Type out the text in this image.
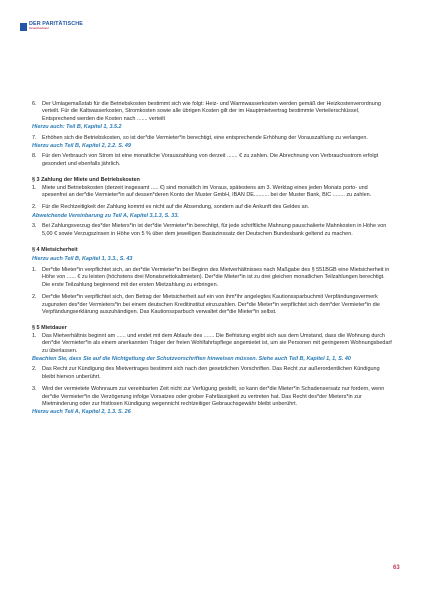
DER PARITÄTISCHE
Gesamtverband
6.	Der Umlagemaßstab für die Betriebskosten bestimmt sich wie folgt: Heiz- und Warmwasserkosten werden gemäß der Heizkostenverordnung verteilt. Für die Kaltwasserkosten, Stromkosten sowie alle übrigen Kosten gilt der im Hauptmietvertrag bestimmte Verteilerschlüssel, Entsprechend werden die Kosten nach ....... verteilt
Hierzu auch: Teil B, Kapitel 1, 3.5.2
7.	Erhöhen sich die Betriebskosten, so ist der*die Vermieter*in berechtigt, eine entsprechende Erhöhung der Vorauszahlung zu verlangen.
Hierzu auch Teil B, Kapitel 2, 2.2. S. 49
8.	Für den Verbrauch von Strom ist eine monatliche Vorauszahlung von derzeit ....... € zu zahlen. Die Abrechnung von Verbrauchsstrom erfolgt gesondert und ebenfalls jährlich.
§ 3 Zahlung der Miete und Betriebskosten
1.	Miete und Betriebskosten (derzeit insgesamt ..... €) sind monatlich im Voraus, spätestens am 3. Werktag eines jeden Monats porto- und spesenfrei an der*die Vermieter*in auf dessen*deren Konto der Muster GmbH, IBAN DE.......... bei der Muster Bank, BIC ........ zu zahlen.
2.	Für die Rechtzeitigkeit der Zahlung kommt es nicht auf die Absendung, sondern auf die Ankunft des Geldes an.
Abweichende Vereinbarung zu Teil A, Kapitel 3,1.3, S. 33.
3.	Bei Zahlungsverzug des*der Mieters*in ist der*die Vermieter*in berechtigt, für jede schriftliche Mahnung pauschalierte Mahnkosten in Höhe von 5,00 € sowie Verzugszinsen in Höhe von 5 % über dem jeweiligen Basiszinssatz der Deutschen Bundesbank geltend zu machen.
§ 4 Mietsicherheit
Hierzu auch Teil B, Kapitel 1, 3.3., S. 43
1.	Der*die Mieter*in verpflichtet sich, an der*die Vermieter*in bei Beginn des Mietverhältnisses nach Maßgabe des § 551BGB eine Mietsicherheit in Höhe von ...... € zu leisten (höchstens drei Monatsnettokaltmieten). Der*die Mieter*in ist zu drei gleichen monatlichen Teilzahlungen berechtigt. Die erste Teilzahlung beginnend mit der ersten Mietzahlung zu erbringen.
2.	Der*die Mieter*in verpflichtet sich, den Betrag der Mietsicherheit auf ein von ihm*ihr angelegtes Kautionssparbuchmit Verpfändungsvermerk zugunsten des*der Vermieters*in bei einem deutschen Kreditinstitut einzuzahlen. Der*die Mieter*in verpflichtet sich dem*der Vermieter*in die Verpfändungserklärung auszuhändigen. Das Kautionssparbuch verwaltet der*die Mieter*in selbst.
§ 5 Mietdauer
1.	Das Mietverhältnis beginnt am ...... und endet mit dem Ablaufe des ....... Die Befristung ergibt sich aus dem Umstand, dass die Wohnung durch den*die Vermieter*in als einem anerkannten Träger der freien Wohlfahrtspflege angemietet ist, um sie Personen mit geringerem Wohnungsbedarf zu überlassen.
Beachten Sie, dass Sie auf die Nichtgeltung der Schutzvorschriften hinweisen müssen. Siehe auch Teil B, Kapitel 1, 1, S. 40
2.	Das Recht zur Kündigung des Mietvertrages bestimmt sich nach den gesetzlichen Vorschriften. Das Recht zur außerordentlichen Kündigung bleibt hiervon unberührt.
3.	Wird der vermietete Wohnraum zur vereinbarten Zeit nicht zur Verfügung gestellt, so kann der*die Mieter*in Schadensersatz nur fordern, wenn der*die Vermieter*in die Verzögerung infolge Vorsatzes oder grober Fahrlässigkeit zu vertreten hat. Das Recht des*der Mieters*in zur Mietminderung oder zur fristlosen Kündigung wegennicht rechtzeitiger Gebrauchsgewähr bleibt unberührt.
Hierzu auch Teil A, Kapitel 2, 1.3. S. 26
63
